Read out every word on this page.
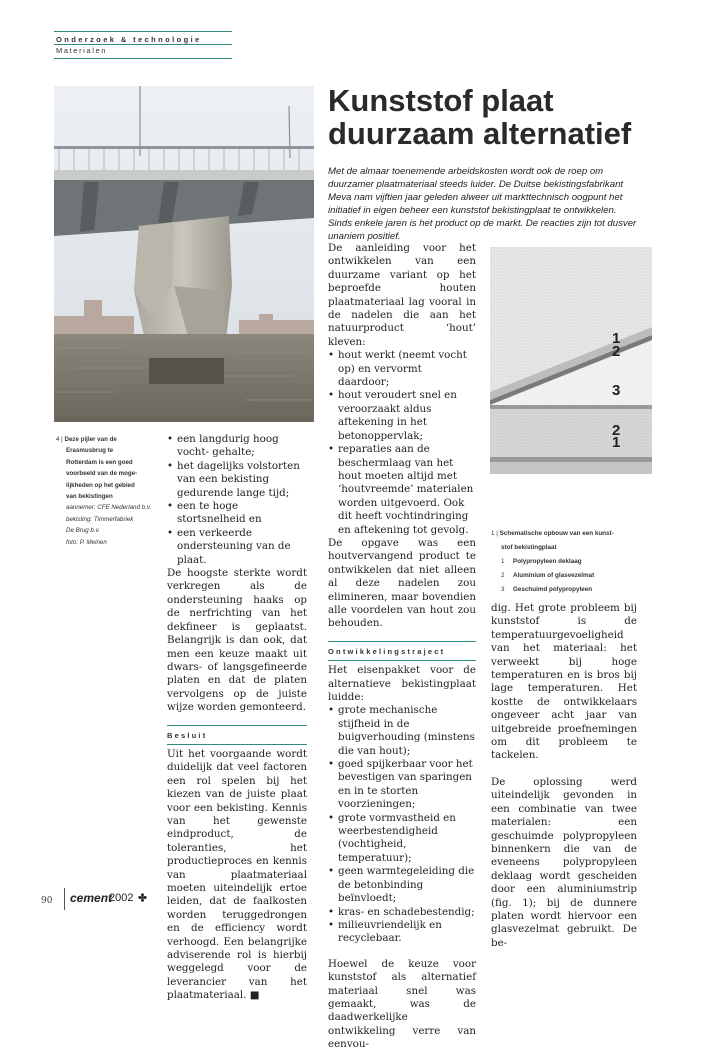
Onderzoek & technologie
Materialen
Kunststof plaat
duurzaam alternatief
Met de almaar toenemende arbeidskosten wordt ook de roep om duurzamer plaatmateriaal steeds luider. De Duitse bekistingsfabrikant Meva nam vijftien jaar geleden alweer uit markttechnisch oogpunt het initiatief in eigen beheer een kunststof bekistingplaat te ontwikkelen. Sinds enkele jaren is het product op de markt. De reacties zijn tot dusver unaniem positief.
4 | Deze pijler van de
Erasmusbrug te
Rotterdam is een goed
voorbeeld van de moge-
lijkheden op het gebied
van bekistingen
aannemer: CFE Nederland b.v.
bekisting: Timmerfabriek
De Brug b.v.
foto: P. Meinen
• een langdurig hoog vocht- gehalte;
• het dagelijks volstorten van een bekisting gedurende lange tijd;
• een te hoge stortsnelheid en
• een verkeerde ondersteuning van de plaat.

De hoogste sterkte wordt verkregen als de ondersteuning haaks op de nerfrichting van het dekfineer is geplaatst. Belangrijk is dan ook, dat men een keuze maakt uit dwars- of langsgefineerde platen en dat de platen vervolgens op de juiste wijze worden gemonteerd.

Besluit

Uit het voorgaande wordt duidelijk dat veel factoren een rol spelen bij het kiezen van de juiste plaat voor een bekisting. Kennis van het gewenste eindproduct, de toleranties, het productieproces en kennis van plaatmateriaal moeten uiteindelijk ertoe leiden, dat de faalkosten worden teruggedrongen en de efficiency wordt verhoogd. Een belangrijke adviserende rol is hierbij weggelegd voor de leverancier van het plaatmateriaal. ■

De aanleiding voor het ontwikkelen van een duurzame variant op het beproefde houten plaatmateriaal lag vooral in de nadelen die aan het natuurproduct ‘hout’ kleven:

• hout werkt (neemt vocht op) en vervormt daardoor;
• hout veroudert snel en veroorzaakt aldus aftekening in het betonoppervlak;
• reparaties aan de beschermlaag van het hout moeten altijd met ‘houtvreemde’ materialen worden uitgevoerd. Ook dit heeft vochtindringing en aftekening tot gevolg.

De opgave was een houtvervangend product te ontwikkelen dat niet alleen al deze nadelen zou elimineren, maar bovendien alle voordelen van hout zou behouden.

Ontwikkelingstraject

Het eisenpakket voor de alternatieve bekistingplaat luidde:

• grote mechanische stijfheid in de buigverhouding (minstens die van hout);
• goed spijkerbaar voor het bevestigen van sparingen en in te storten voorzieningen;
• grote vormvastheid en weerbestendigheid (vochtigheid, temperatuur);
• geen warmtegeleiding die de betonbinding beïnvloedt;
• kras- en schadebestendig;
• milieuvriendelijk en recyclebaar.

Hoewel de keuze voor kunststof als alternatief materiaal snel was gemaakt, was de daadwerkelijke ontwikkeling verre van eenvou-

1
2
3
2
1
1 | Schematische opbouw van een kunst-
stof bekistingplaat
1	Polypropyleen deklaag
2	Aluminium of glasvezelmat
3	Geschuimd polypropyleen

dig. Het grote probleem bij kunststof is de temperatuurgevoeligheid van het materiaal: het verweekt bij hoge temperaturen en is bros bij lage temperaturen. Het kostte de ontwikkelaars ongeveer acht jaar van uitgebreide proefnemingen om dit probleem te tackelen.

De oplossing werd uiteindelijk gevonden in een combinatie van twee materialen: een geschuimde polypropyleen binnenkern die van de eveneens polypropyleen deklaag wordt gescheiden door een aluminiumstrip (fig. 1); bij de dunnere platen wordt hiervoor een glasvezelmat gebruikt. De be-

90 cement
2002
